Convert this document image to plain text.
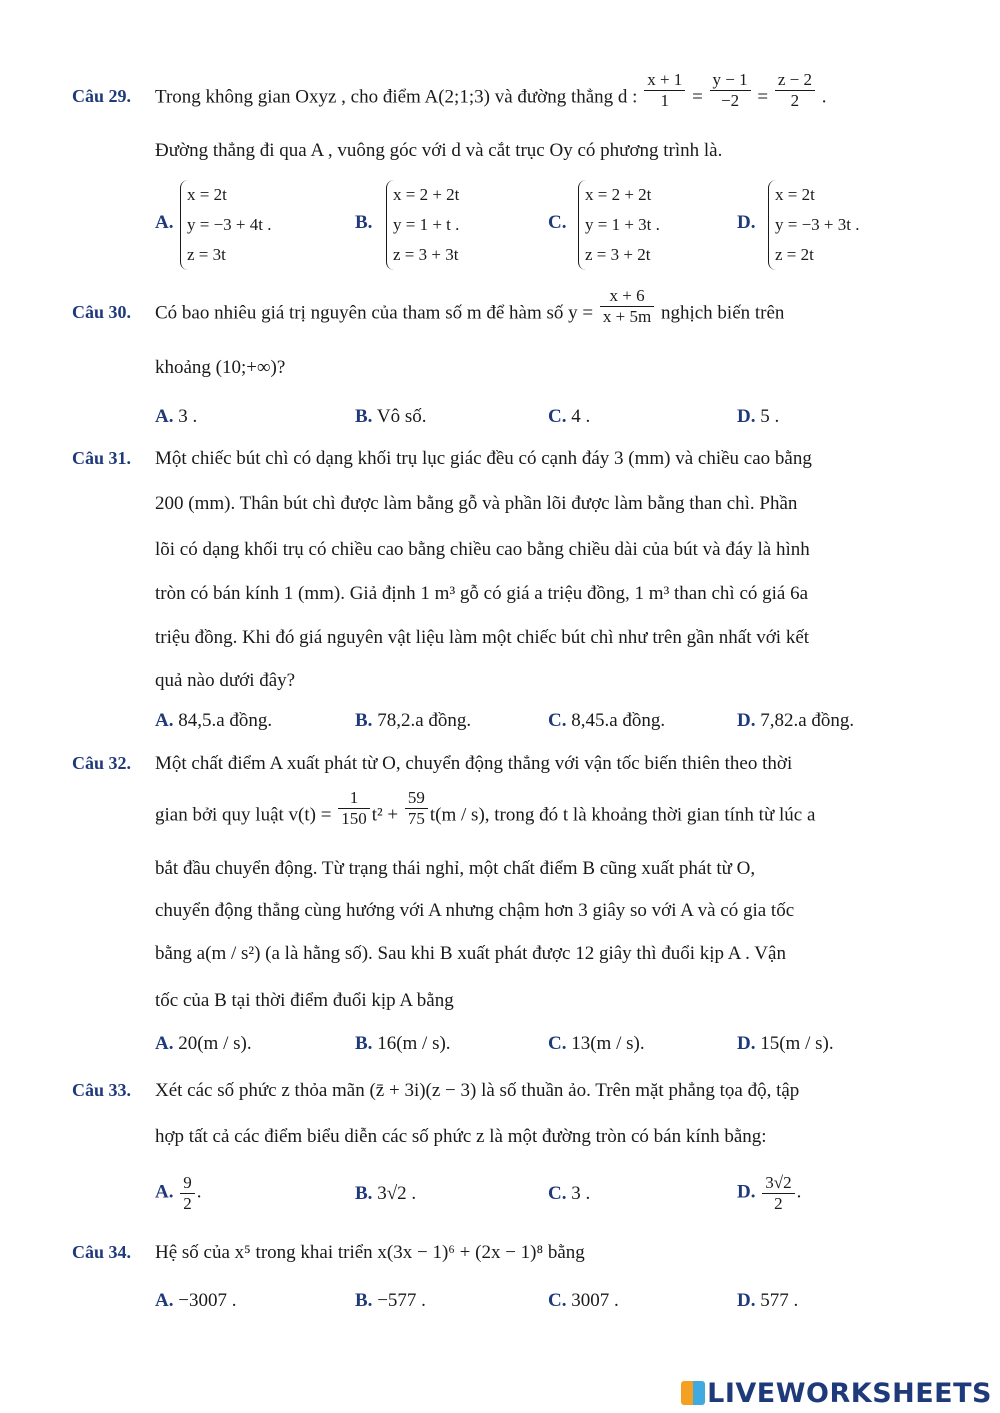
Câu 29. Trong không gian Oxyz , cho điểm A(2;1;3) và đường thẳng d : $\frac{x + 1}{1} = \frac{y - 1}{-2} = \frac{z - 2}{2}$ .
Đường thẳng đi qua A , vuông góc với d và cắt trục Oy có phương trình là.
A.
x = 2t
y = −3 + 4t .
z = 3t
B.
x = 2 + 2t
y = 1 + t .
z = 3 + 3t
C.
x = 2 + 2t
y = 1 + 3t .
z = 3 + 2t
D.
x = 2t
y = −3 + 3t .
z = 2t
Câu 30. Có bao nhiêu giá trị nguyên của tham số m để hàm số $y = \frac{x + 6}{x + 5m}$ nghịch biến trên
khoảng (10;+∞)?
A. 3 .	B. Vô số.	C. 4 .	D. 5 .
Câu 31. Một chiếc bút chì có dạng khối trụ lục giác đều có cạnh đáy 3 (mm) và chiều cao bằng
200 (mm). Thân bút chì được làm bằng gỗ và phần lõi được làm bằng than chì. Phần
lõi có dạng khối trụ có chiều cao bằng chiều cao bằng chiều dài của bút và đáy là hình
tròn có bán kính 1 (mm). Giả định 1 m³ gỗ có giá a triệu đồng, 1 m³ than chì có giá 6a
triệu đồng. Khi đó giá nguyên vật liệu làm một chiếc bút chì như trên gần nhất với kết
quả nào dưới đây?
A. 84,5.a đồng.	B. 78,2.a đồng.	C. 8,45.a đồng.	D. 7,82.a đồng.
Câu 32. Một chất điểm A xuất phát từ O, chuyển động thẳng với vận tốc biến thiên theo thời
gian bởi quy luật $v(t) = \frac{1}{150} t^2 + \frac{59}{75} t(m / s)$, trong đó t là khoảng thời gian tính từ lúc a
bắt đầu chuyển động. Từ trạng thái nghỉ, một chất điểm B cũng xuất phát từ O,
chuyển động thẳng cùng hướng với A nhưng chậm hơn 3 giây so với A và có gia tốc
bằng a(m / s²) (a là hằng số). Sau khi B xuất phát được 12 giây thì đuổi kịp A . Vận
tốc của B tại thời điểm đuổi kịp A bằng
A. 20(m / s).	B. 16(m / s).	C. 13(m / s).	D. 15(m / s).
Câu 33. Xét các số phức z thỏa mãn (z̄ + 3i)(z − 3) là số thuần ảo. Trên mặt phẳng tọa độ, tập
hợp tất cả các điểm biểu diễn các số phức z là một đường tròn có bán kính bằng:
A. $\frac{9}{2}$ .	B. 3√2 .	C. 3 .	D. $\frac{3√2}{2}$ .
Câu 34. Hệ số của x⁵ trong khai triển x(3x − 1)⁶ + (2x − 1)⁸ bằng
A. −3007 .	B. −577 .	C. 3007 .	D. 577 .
LIVEWORKSHEETS
